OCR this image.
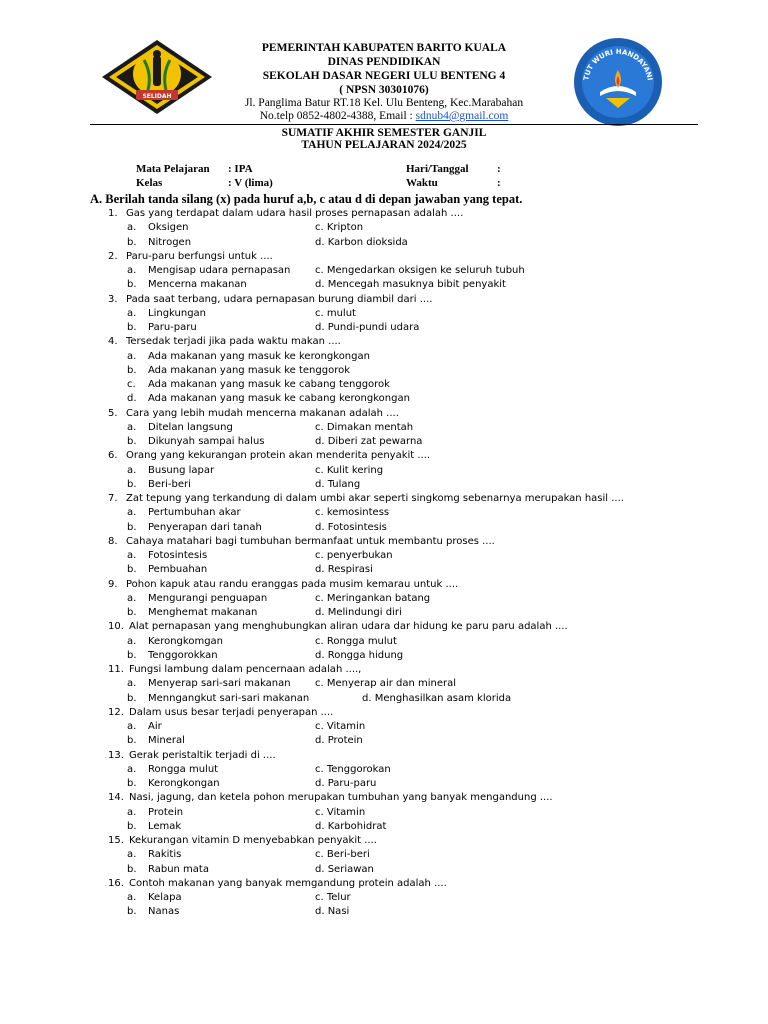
SELIDAH
TUT WURI HANDAYANI
PEMERINTAH KABUPATEN BARITO KUALA
DINAS PENDIDIKAN
SEKOLAH DASAR NEGERI ULU BENTENG 4
( NPSN 30301076)
Jl. Panglima Batur RT.18 Kel. Ulu Benteng, Kec.Marabahan
No.telp 0852-4802-4388, Email : sdnub4@gmail.com
SUMATIF AKHIR SEMESTER GANJIL
TAHUN PELAJARAN 2024/2025
Mata Pelajaran : IPA
Kelas	: V (lima)
Hari/Tanggal	:
Waktu	:
A. Berilah tanda silang (x) pada huruf a,b, c atau d di depan jawaban yang tepat.
1. Gas yang terdapat dalam udara hasil proses pernapasan adalah ....
a. Oksigen	c. Kripton
b. Nitrogen	d. Karbon dioksida
2. Paru-paru berfungsi untuk ....
a. Mengisap udara pernapasan c. Mengedarkan oksigen ke seluruh tubuh
b. Mencerna makanan	d. Mencegah masuknya bibit penyakit
3. Pada saat terbang, udara pernapasan burung diambil dari ....
a. Lingkungan	c. mulut
b. Paru-paru	d. Pundi-pundi udara
4. Tersedak terjadi jika pada waktu makan ....
a. Ada makanan yang masuk ke kerongkongan
b. Ada makanan yang masuk ke tenggorok
c. Ada makanan yang masuk ke cabang tenggorok
d. Ada makanan yang masuk ke cabang kerongkongan
5. Cara yang lebih mudah mencerna makanan adalah ....
a. Ditelan langsung	c. Dimakan mentah
b. Dikunyah sampai halus	d. Diberi zat pewarna
6. Orang yang kekurangan protein akan menderita penyakit ....
a. Busung lapar	c. Kulit kering
b. Beri-beri	d. Tulang
7. Zat tepung yang terkandung di dalam umbi akar seperti singkomg sebenarnya merupakan hasil ....
a. Pertumbuhan akar	c. kemosintess
b. Penyerapan dari tanah	d. Fotosintesis
8. Cahaya matahari bagi tumbuhan bermanfaat untuk membantu proses ....
a. Fotosintesis	c. penyerbukan
b. Pembuahan	d. Respirasi
9. Pohon kapuk atau randu eranggas pada musim kemarau untuk ....
a. Mengurangi penguapan	c. Meringankan batang
b. Menghemat makanan	d. Melindungi diri
10. Alat pernapasan yang menghubungkan aliran udara dar hidung ke paru paru adalah ....
a. Kerongkomgan	c. Rongga mulut
b. Tenggorokkan	d. Rongga hidung
11. Fungsi lambung dalam pencernaan adalah ....,
a. Menyerap sari-sari makanan c. Menyerap air dan mineral
b. Menngangkut sari-sari makanan	d. Menghasilkan asam klorida
12. Dalam usus besar terjadi penyerapan ....
a. Air	c. Vitamin
b. Mineral	d. Protein
13. Gerak peristaltik terjadi di ....
a. Rongga mulut	c. Tenggorokan
b. Kerongkongan	d. Paru-paru
14. Nasi, jagung, dan ketela pohon merupakan tumbuhan yang banyak mengandung ....
a. Protein	c. Vitamin
b. Lemak	d. Karbohidrat
15. Kekurangan vitamin D menyebabkan penyakit ....
a. Rakitis	c. Beri-beri
b. Rabun mata	d. Seriawan
16. Contoh makanan yang banyak memgandung protein adalah ....
a. Kelapa	c. Telur
b. Nanas	d. Nasi
